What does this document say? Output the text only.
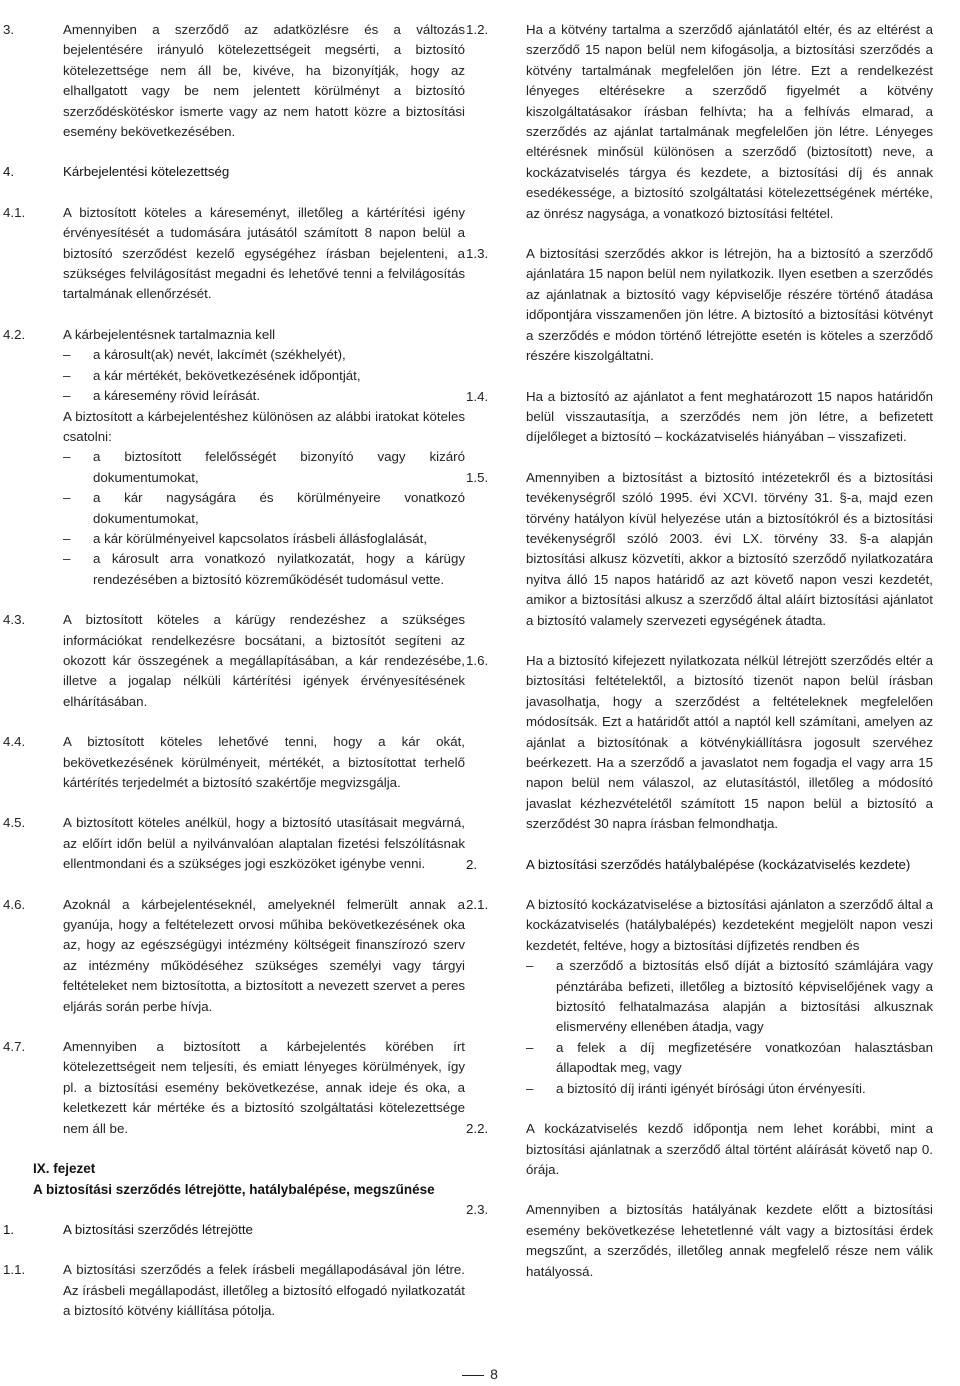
3.	Amennyiben a szerződő az adatközlésre és a változás bejelentésére irányuló kötelezettségeit megsérti, a biztosító kötelezettsége nem áll be, kivéve, ha bizonyítják, hogy az elhallgatott vagy be nem jelentett körülményt a biztosító szerződéskötéskor ismerte vagy az nem hatott közre a biztosítási esemény bekövetkezésében.

4.	Kárbejelentési kötelezettség

4.1.	A biztosított köteles a káreseményt, illetőleg a kártérítési igény érvényesítését a tudomására jutásától számított 8 napon belül a biztosító szerződést kezelő egységéhez írásban bejelenteni, a szükséges felvilágosítást megadni és lehetővé tenni a felvilágosítás tartalmának ellenőrzését.

4.2.	A kárbejelentésnek tartalmaznia kell

– a károsult(ak) nevét, lakcímét (székhelyét),

– a kár mértékét, bekövetkezésének időpontját,

– a káresemény rövid leírását.

A biztosított a kárbejelentéshez különösen az alábbi iratokat köteles csatolni:

– a biztosított felelősségét bizonyító vagy kizáró dokumentumokat,

– a kár nagyságára és körülményeire vonatkozó dokumentumokat,

– a kár körülményeivel kapcsolatos írásbeli állásfoglalását,

– a károsult arra vonatkozó nyilatkozatát, hogy a kárügy rendezésében a biztosító közreműködését tudomásul vette.

4.3.	A biztosított köteles a kárügy rendezéshez a szükséges információkat rendelkezésre bocsátani, a biztosítót segíteni az okozott kár összegének a megállapításában, a kár rendezésébe, illetve a jogalap nélküli kártérítési igények érvényesítésének elhárításában.

4.4.	A biztosított köteles lehetővé tenni, hogy a kár okát, bekövetkezésének körülményeit, mértékét, a biztosítottat terhelő kártérítés terjedelmét a biztosító szakértője megvizsgálja.

4.5.	A biztosított köteles anélkül, hogy a biztosító utasításait megvárná, az előírt időn belül a nyilvánvalóan alaptalan fizetési felszólításnak ellentmondani és a szükséges jogi eszközöket igénybe venni.

4.6.	Azoknál a kárbejelentéseknél, amelyeknél felmerült annak a gyanúja, hogy a feltételezett orvosi műhiba bekövetkezésének oka az, hogy az egészségügyi intézmény költségeit finanszírozó szerv az intézmény működéséhez szükséges személyi vagy tárgyi feltételeket nem biztosította, a biztosított a nevezett szervet a peres eljárás során perbe hívja.

4.7.	Amennyiben a biztosított a kárbejelentés körében írt kötelezettségeit nem teljesíti, és emiatt lényeges körülmények, így pl. a biztosítási esemény bekövetkezése, annak ideje és oka, a keletkezett kár mértéke és a biztosító szolgáltatási kötelezettsége nem áll be.

IX. fejezet

A biztosítási szerződés létrejötte, hatálybalépése, megszűnése

1.	A biztosítási szerződés létrejötte

1.1.	A biztosítási szerződés a felek írásbeli megállapodásával jön létre. Az írásbeli megállapodást, illetőleg a biztosító elfogadó nyilatkozatát a biztosító kötvény kiállítása pótolja.

1.2.	Ha a kötvény tartalma a szerződő ajánlatától eltér, és az eltérést a szerződő 15 napon belül nem kifogásolja, a biztosítási szerződés a kötvény tartalmának megfelelően jön létre. Ezt a rendelkezést lényeges eltérésekre a szerződő figyelmét a kötvény kiszolgáltatásakor írásban felhívta; ha a felhívás elmarad, a szerződés az ajánlat tartalmának megfelelően jön létre. Lényeges eltérésnek minősül különösen a szerződő (biztosított) neve, a kockázatviselés tárgya és kezdete, a biztosítási díj és annak esedékessége, a biztosító szolgáltatási kötelezettségének mértéke, az önrész nagysága, a vonatkozó biztosítási feltétel.

1.3.	A biztosítási szerződés akkor is létrejön, ha a biztosító a szerződő ajánlatára 15 napon belül nem nyilatkozik. Ilyen esetben a szerződés az ajánlatnak a biztosító vagy képviselője részére történő átadása időpontjára visszamenően jön létre. A biztosító a biztosítási kötvényt a szerződés e módon történő létrejötte esetén is köteles a szerződő részére kiszolgáltatni.

1.4.	Ha a biztosító az ajánlatot a fent meghatározott 15 napos határidőn belül visszautasítja, a szerződés nem jön létre, a befizetett díjelőleget a biztosító – kockázatviselés hiányában – visszafizeti.

1.5.	Amennyiben a biztosítást a biztosító intézetekről és a biztosítási tevékenységről szóló 1995. évi XCVI. törvény 31. §-a, majd ezen törvény hatályon kívül helyezése után a biztosítókról és a biztosítási tevékenységről szóló 2003. évi LX. törvény 33. §-a alapján biztosítási alkusz közvetíti, akkor a biztosító szerződő nyilatkozatára nyitva álló 15 napos határidő az azt követő napon veszi kezdetét, amikor a biztosítási alkusz a szerződő által aláírt biztosítási ajánlatot a biztosító valamely szervezeti egységének átadta.

1.6.	Ha a biztosító kifejezett nyilatkozata nélkül létrejött szerződés eltér a biztosítási feltételektől, a biztosító tizenöt napon belül írásban javasolhatja, hogy a szerződést a feltételeknek megfelelően módosítsák. Ezt a határidőt attól a naptól kell számítani, amelyen az ajánlat a biztosítónak a kötvénykiállításra jogosult szervéhez beérkezett. Ha a szerződő a javaslatot nem fogadja el vagy arra 15 napon belül nem válaszol, az elutasítástól, illetőleg a módosító javaslat kézhezvételétől számított 15 napon belül a biztosító a szerződést 30 napra írásban felmondhatja.

2.	A biztosítási szerződés hatálybalépése (kockázatviselés kezdete)

2.1.	A biztosító kockázatviselése a biztosítási ajánlaton a szerződő által a kockázatviselés (hatálybalépés) kezdeteként megjelölt napon veszi kezdetét, feltéve, hogy a biztosítási díjfizetés rendben és

– a szerződő a biztosítás első díját a biztosító számlájára vagy pénztárába befizeti, illetőleg a biztosító képviselőjének vagy a biztosító felhatalmazása alapján a biztosítási alkusznak elismervény ellenében átadja, vagy

– a felek a díj megfizetésére vonatkozóan halasztásban állapodtak meg, vagy

– a biztosító díj iránti igényét bírósági úton érvényesíti.

2.2.	A kockázatviselés kezdő időpontja nem lehet korábbi, mint a biztosítási ajánlatnak a szerződő által történt aláírását követő nap 0. órája.

2.3.	Amennyiben a biztosítás hatályának kezdete előtt a biztosítási esemény bekövetkezése lehetetlenné vált vagy a biztosítási érdek megszűnt, a szerződés, illetőleg annak megfelelő része nem válik hatályossá.

8
